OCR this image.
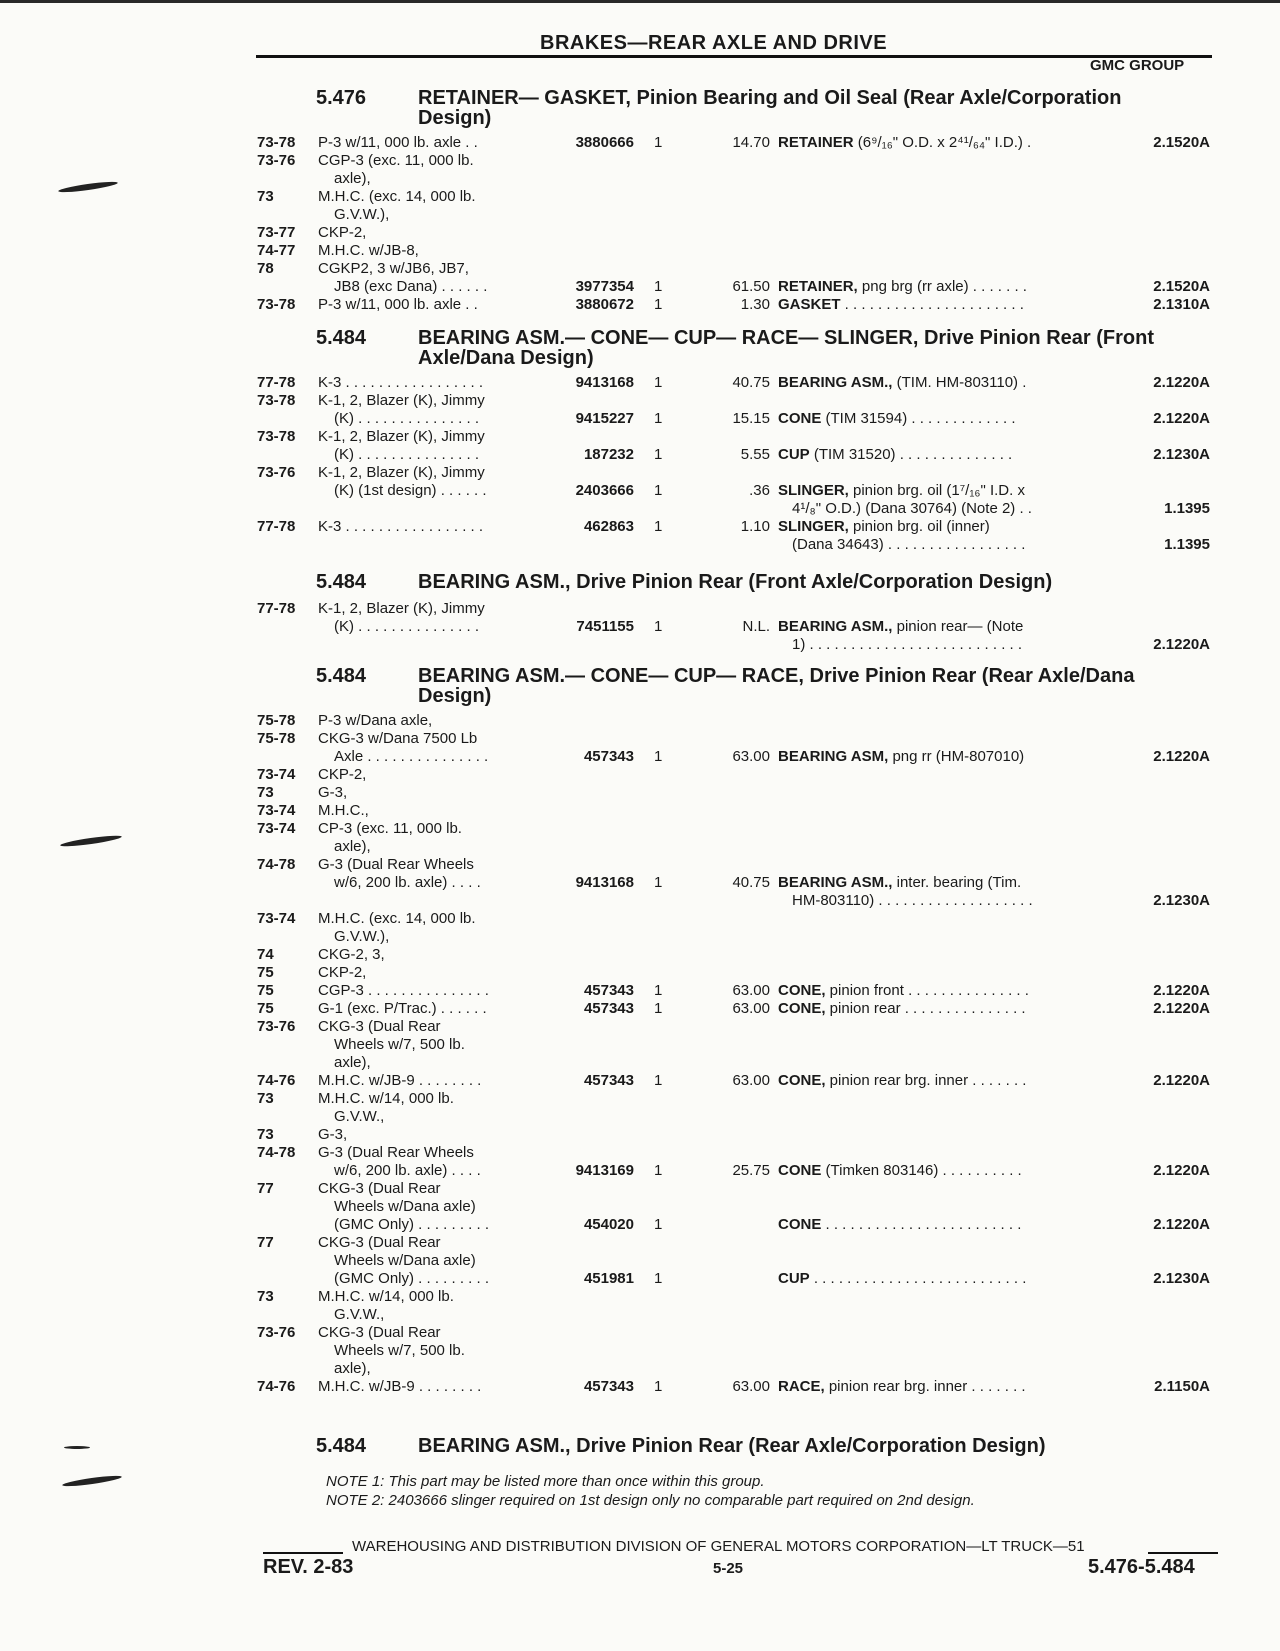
BRAKES—REAR AXLE AND DRIVE
GMC GROUP
5.476	RETAINER— GASKET, Pinion Bearing and Oil Seal (Rear Axle/Corporation Design)
73-78 P-3 w/11, 000 lb. axle . .	3880666 1	14.70 RETAINER (6⁹/₁₆" O.D. x 2⁴¹/₆₄" I.D.) .	2.1520A
73-76 CGP-3 (exc. 11, 000 lb.
axle),
73	M.H.C. (exc. 14, 000 lb.
G.V.W.),
73-77 CKP-2,
74-77 M.H.C. w/JB-8,
78	CGKP2, 3 w/JB6, JB7,
JB8 (exc Dana) . . . . . .	3977354 1	61.50 RETAINER, png brg (rr axle) . . . . . . .	2.1520A
73-78 P-3 w/11, 000 lb. axle . .	3880672 1	1.30 GASKET . . . . . . . . . . . . . . . . . . . . . .	2.1310A
5.484	BEARING ASM.— CONE— CUP— RACE— SLINGER, Drive Pinion Rear (Front Axle/Dana Design)
77-78 K-3 . . . . . . . . . . . . . . . . .	9413168 1	40.75 BEARING ASM., (TIM. HM-803110) .	2.1220A
73-78 K-1, 2, Blazer (K), Jimmy
(K) . . . . . . . . . . . . . . .	9415227 1	15.15 CONE (TIM 31594) . . . . . . . . . . . . .	2.1220A
73-78 K-1, 2, Blazer (K), Jimmy
(K) . . . . . . . . . . . . . . .	187232 1	5.55 CUP (TIM 31520) . . . . . . . . . . . . . .	2.1230A
73-76 K-1, 2, Blazer (K), Jimmy
(K) (1st design) . . . . . .	2403666 1	.36 SLINGER, pinion brg. oil (1⁷/₁₆" I.D. x
4¹/₈" O.D.) (Dana 30764) (Note 2) . .	1.1395
77-78 K-3 . . . . . . . . . . . . . . . . .	462863 1	1.10 SLINGER, pinion brg. oil (inner)
(Dana 34643) . . . . . . . . . . . . . . . . .	1.1395
5.484	BEARING ASM., Drive Pinion Rear (Front Axle/Corporation Design)
77-78 K-1, 2, Blazer (K), Jimmy
(K) . . . . . . . . . . . . . . .	7451155 1	N.L. BEARING ASM., pinion rear— (Note
1) . . . . . . . . . . . . . . . . . . . . . . . . . .	2.1220A
5.484	BEARING ASM.— CONE— CUP— RACE, Drive Pinion Rear (Rear Axle/Dana Design)
75-78 P-3 w/Dana axle,
75-78 CKG-3 w/Dana 7500 Lb
Axle . . . . . . . . . . . . . . .	457343 1	63.00 BEARING ASM, png rr (HM-807010)	2.1220A
73-74 CKP-2,
73	G-3,
73-74 M.H.C.,
73-74 CP-3 (exc. 11, 000 lb.
axle),
74-78 G-3 (Dual Rear Wheels
w/6, 200 lb. axle) . . . .	9413168 1	40.75 BEARING ASM., inter. bearing (Tim.
HM-803110) . . . . . . . . . . . . . . . . . . .	2.1230A
73-74 M.H.C. (exc. 14, 000 lb.
G.V.W.),
74	CKG-2, 3,
75	CKP-2,
75	CGP-3 . . . . . . . . . . . . . . .	457343 1	63.00 CONE, pinion front . . . . . . . . . . . . . . .	2.1220A
75	G-1 (exc. P/Trac.) . . . . . .	457343 1	63.00 CONE, pinion rear . . . . . . . . . . . . . . .	2.1220A
73-76 CKG-3 (Dual Rear
Wheels w/7, 500 lb.
axle),
74-76 M.H.C. w/JB-9 . . . . . . . .	457343 1	63.00 CONE, pinion rear brg. inner . . . . . . .	2.1220A
73	M.H.C. w/14, 000 lb.
G.V.W.,
73	G-3,
74-78 G-3 (Dual Rear Wheels
w/6, 200 lb. axle) . . . .	9413169 1	25.75 CONE (Timken 803146) . . . . . . . . . .	2.1220A
77	CKG-3 (Dual Rear
Wheels w/Dana axle)
(GMC Only) . . . . . . . . .	454020 1	CONE . . . . . . . . . . . . . . . . . . . . . . . .	2.1220A
77	CKG-3 (Dual Rear
Wheels w/Dana axle)
(GMC Only) . . . . . . . . .	451981 1	CUP . . . . . . . . . . . . . . . . . . . . . . . . . .	2.1230A
73	M.H.C. w/14, 000 lb.
G.V.W.,
73-76 CKG-3 (Dual Rear
Wheels w/7, 500 lb.
axle),
74-76 M.H.C. w/JB-9 . . . . . . . .	457343 1	63.00 RACE, pinion rear brg. inner . . . . . . .	2.1150A
5.484	BEARING ASM., Drive Pinion Rear (Rear Axle/Corporation Design)
NOTE 1: This part may be listed more than once within this group.
NOTE 2: 2403666 slinger required on 1st design only no comparable part required on 2nd design.
WAREHOUSING AND DISTRIBUTION DIVISION OF GENERAL MOTORS CORPORATION—LT TRUCK—51
REV. 2-83	5-25	5.476-5.484
